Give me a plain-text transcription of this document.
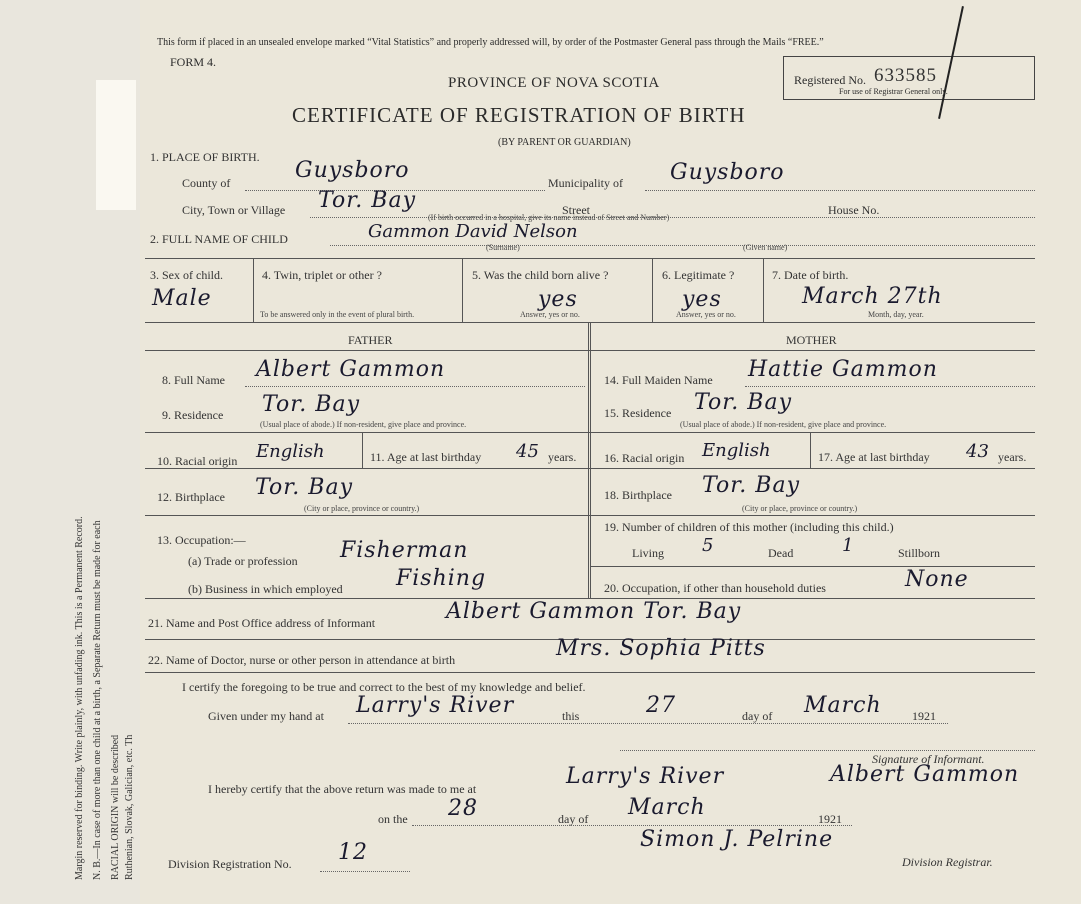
Margin reserved for binding. Write plainly, with unfading ink. This is a Permanent Record. N. B.—In case of more than one child at a birth, a Separate Return must be made for each RACIAL ORIGIN will be described Ruthenian, Slovak, Galician, etc. Th
This form if placed in an unsealed envelope marked “Vital Statistics” and properly addressed will, by order of the Postmaster General pass through the Mails “FREE.”
FORM 4.
PROVINCE OF NOVA SCOTIA
CERTIFICATE OF REGISTRATION OF BIRTH
(BY PARENT OR GUARDIAN)
Registered No. 633585
For use of Registrar General only.
1. PLACE OF BIRTH.
County of	Guysboro	Municipality of Guysboro
City, Town or Village Tor. Bay	Street	House No.
(If birth occurred in a hospital, give its name instead of Street and Number)
2. FULL NAME OF CHILD	Gammon David Nelson
(Surname)	(Given name)
3. Sex of child.
Male
4. Twin, triplet or other ?
To be answered only in the event of plural birth.
5. Was the child born alive ?
yes
Answer, yes or no.
6. Legitimate ?
yes
Answer, yes or no.
7. Date of birth.
March 27th
Month, day, year.
FATHER	MOTHER
8. Full Name Albert Gammon	14. Full Maiden Name Hattie Gammon
9. Residence Tor. Bay
(Usual place of abode.) If non-resident, give place and province.
15. Residence Tor. Bay
(Usual place of abode.) If non-resident, give place and province.
10. Racial origin English	11. Age at last birthday 45 years. 16. Racial origin English	17. Age at last birthday 43 years.
12. Birthplace Tor. Bay
(City or place, province or country.)
18. Birthplace Tor. Bay
(City or place, province or country.)
13. Occupation:—
(a) Trade or profession Fisherman
(b) Business in which employed Fishing
19. Number of children of this mother (including this child.)
Living 5	Dead	1	Stillborn
20. Occupation, if other than household duties	None
21. Name and Post Office address of Informant	Albert Gammon Tor. Bay
22. Name of Doctor, nurse or other person in attendance at birth	Mrs. Sophia Pitts
I certify the foregoing to be true and correct to the best of my knowledge and belief.
Given under my hand at Larry's River	this	27	day of March	1921
Signature of Informant.
I hereby certify that the above return was made to me at	Larry's River	Albert Gammon
on the 28	day of March	1921
Simon J. Pelrine
Division Registration No. 12	Division Registrar.
